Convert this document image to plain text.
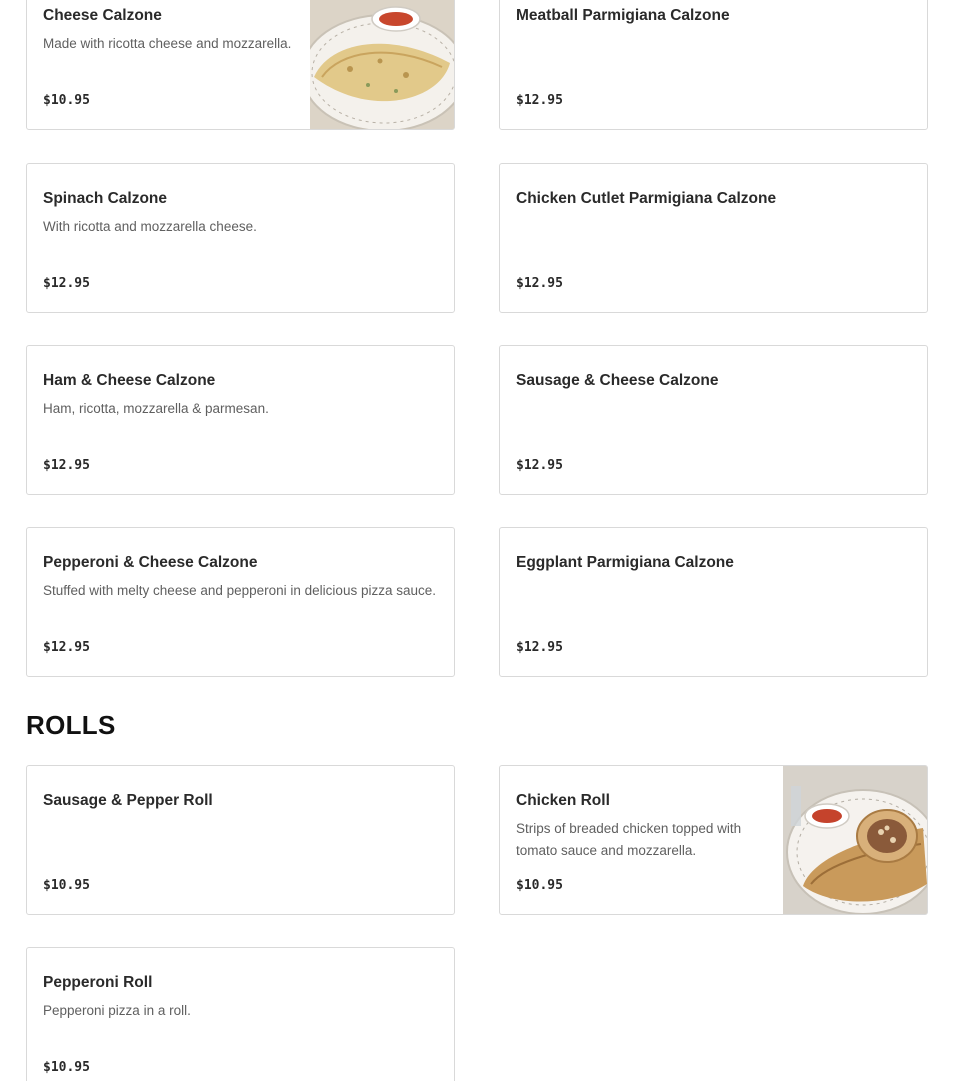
Cheese Calzone
Made with ricotta cheese and mozzarella.
$10.95
Meatball Parmigiana Calzone
$12.95
Spinach Calzone
With ricotta and mozzarella cheese.
$12.95
Chicken Cutlet Parmigiana Calzone
$12.95
Ham & Cheese Calzone
Ham, ricotta, mozzarella & parmesan.
$12.95
Sausage & Cheese Calzone
$12.95
Pepperoni & Cheese Calzone
Stuffed with melty cheese and pepperoni in delicious pizza sauce.
$12.95
Eggplant Parmigiana Calzone
$12.95
ROLLS
Sausage & Pepper Roll
$10.95
Chicken Roll
Strips of breaded chicken topped with tomato sauce and mozzarella.
$10.95
Pepperoni Roll
Pepperoni pizza in a roll.
$10.95
